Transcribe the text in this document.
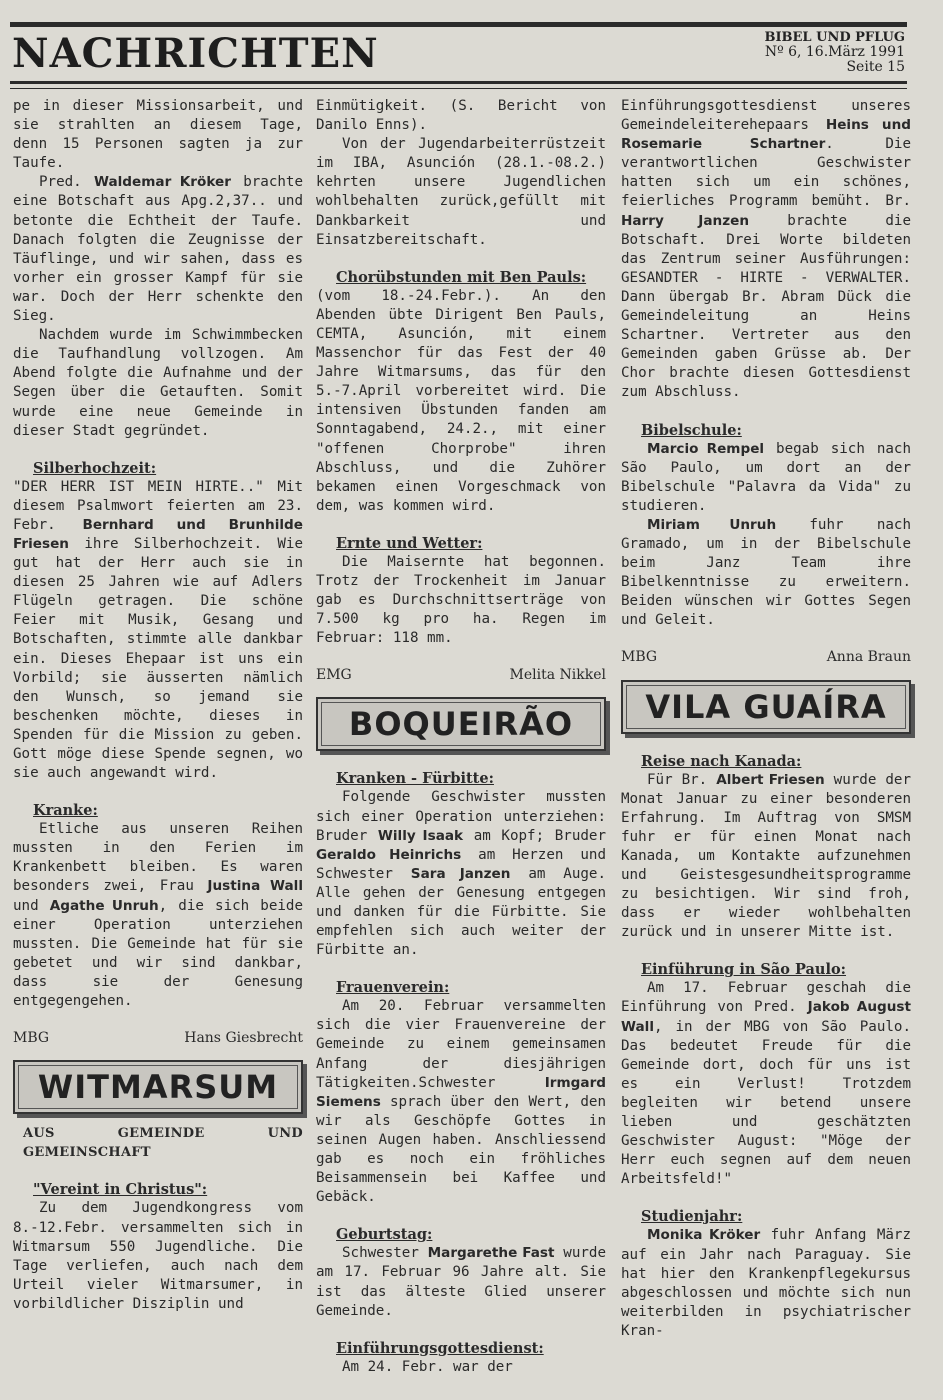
NACHRICHTEN	BIBEL UND PFLUG
Nº 6, 16.März 1991
Seite 15

pe in dieser Missionsarbeit, und sie strahlten an diesem Tage, denn 15 Personen sagten ja zur Taufe.

Pred. Waldemar Kröker brachte eine Botschaft aus Apg.2,37.. und betonte die Echtheit der Taufe. Danach folgten die Zeugnisse der Täuflinge, und wir sahen, dass es vorher ein grosser Kampf für sie war. Doch der Herr schenkte den Sieg.

Nachdem wurde im Schwimmbecken die Taufhandlung vollzogen. Am Abend folgte die Aufnahme und der Segen über die Getauften. Somit wurde eine neue Gemeinde in dieser Stadt gegründet.

Silberhochzeit:

"DER HERR IST MEIN HIRTE.." Mit diesem Psalmwort feierten am 23. Febr. Bernhard und Brunhilde Friesen ihre Silberhochzeit. Wie gut hat der Herr auch sie in diesen 25 Jahren wie auf Adlers Flügeln getragen. Die schöne Feier mit Musik, Gesang und Botschaften, stimmte alle dankbar ein. Dieses Ehepaar ist uns ein Vorbild; sie äusserten nämlich den Wunsch, so jemand sie beschenken möchte, dieses in Spenden für die Mission zu geben. Gott möge diese Spende segnen, wo sie auch angewandt wird.

Kranke:

Etliche aus unseren Reihen mussten in den Ferien im Krankenbett bleiben. Es waren besonders zwei, Frau Justina Wall und Agathe Unruh, die sich beide einer Operation unterziehen mussten. Die Gemeinde hat für sie gebetet und wir sind dankbar, dass sie der Genesung entgegengehen.

MBG	Hans Giesbrecht
WITMARSUM
AUS GEMEINDE UND GEMEINSCHAFT
"Vereint in Christus":

Zu dem Jugendkongress vom 8.-12.Febr. versammelten sich in Witmarsum 550 Jugendliche. Die Tage verliefen, auch nach dem Urteil vieler Witmarsumer, in vorbildlicher Disziplin und

Einmütigkeit. (S. Bericht von Danilo Enns).

Von der Jugendarbeiterrüstzeit im IBA, Asunción (28.1.-08.2.) kehrten unsere Jugendlichen wohlbehalten zurück,gefüllt mit Dankbarkeit und Einsatzbereitschaft.

Chorübstunden mit Ben Pauls:

(vom 18.-24.Febr.). An den Abenden übte Dirigent Ben Pauls, CEMTA, Asunción, mit einem Massenchor für das Fest der 40 Jahre Witmarsums, das für den 5.-7.April vorbereitet wird. Die intensiven Übstunden fanden am Sonntagabend, 24.2., mit einer "offenen Chorprobe" ihren Abschluss, und die Zuhörer bekamen einen Vorgeschmack von dem, was kommen wird.

Ernte und Wetter:

Die Maisernte hat begonnen. Trotz der Trockenheit im Januar gab es Durchschnittserträge von 7.500 kg pro ha. Regen im Februar: 118 mm.

EMG	Melita Nikkel
BOQUEIRÃO
Kranken - Fürbitte:

Folgende Geschwister mussten sich einer Operation unterziehen: Bruder Willy Isaak am Kopf; Bruder Geraldo Heinrichs am Herzen und Schwester Sara Janzen am Auge. Alle gehen der Genesung entgegen und danken für die Fürbitte. Sie empfehlen sich auch weiter der Fürbitte an.

Frauenverein:

Am 20. Februar versammelten sich die vier Frauenvereine der Gemeinde zu einem gemeinsamen Anfang der diesjährigen Tätigkeiten.Schwester Irmgard Siemens sprach über den Wert, den wir als Geschöpfe Gottes in seinen Augen haben. Anschliessend gab es noch ein fröhliches Beisammensein bei Kaffee und Gebäck.

Geburtstag:

Schwester Margarethe Fast wurde am 17. Februar 96 Jahre alt. Sie ist das älteste Glied unserer Gemeinde.

Einführungsgottesdienst:

Am 24. Febr. war der

Einführungsgottesdienst unseres Gemeindeleiterehepaars Heins und Rosemarie Schartner. Die verantwortlichen Geschwister hatten sich um ein schönes, feierliches Programm bemüht. Br. Harry Janzen brachte die Botschaft. Drei Worte bildeten das Zentrum seiner Ausführungen: GESANDTER - HIRTE - VERWALTER. Dann übergab Br. Abram Dück die Gemeindeleitung an Heins Schartner. Vertreter aus den Gemeinden gaben Grüsse ab. Der Chor brachte diesen Gottesdienst zum Abschluss.

Bibelschule:

Marcio Rempel begab sich nach São Paulo, um dort an der Bibelschule "Palavra da Vida" zu studieren.

Miriam Unruh fuhr nach Gramado, um in der Bibelschule beim Janz Team ihre Bibelkenntnisse zu erweitern. Beiden wünschen wir Gottes Segen und Geleit.

MBG	Anna Braun
VILA GUAÍRA
Reise nach Kanada:

Für Br. Albert Friesen wurde der Monat Januar zu einer besonderen Erfahrung. Im Auftrag von SMSM fuhr er für einen Monat nach Kanada, um Kontakte aufzunehmen und Geistesgesundheitsprogramme zu besichtigen. Wir sind froh, dass er wieder wohlbehalten zurück und in unserer Mitte ist.

Einführung in São Paulo:

Am 17. Februar geschah die Einführung von Pred. Jakob August Wall, in der MBG von São Paulo. Das bedeutet Freude für die Gemeinde dort, doch für uns ist es ein Verlust! Trotzdem begleiten wir betend unsere lieben und geschätzten Geschwister August: "Möge der Herr euch segnen auf dem neuen Arbeitsfeld!"

Studienjahr:

Monika Kröker fuhr Anfang März auf ein Jahr nach Paraguay. Sie hat hier den Krankenpflegekursus abgeschlossen und möchte sich nun weiterbilden in psychiatrischer Kran-
